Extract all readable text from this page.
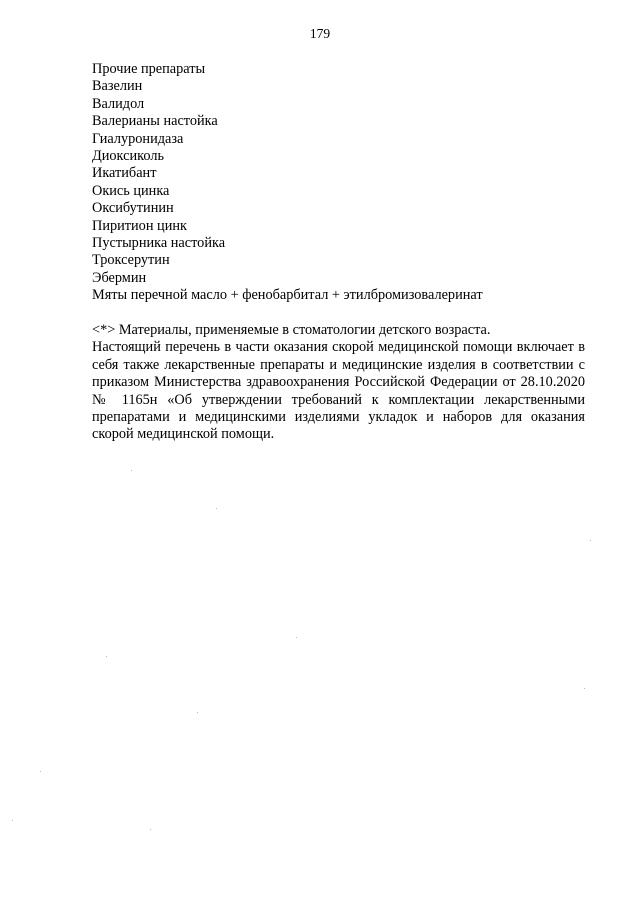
179
Прочие препараты
Вазелин
Валидол
Валерианы настойка
Гиалуронидаза
Диоксиколь
Икатибант
Окись цинка
Оксибутинин
Пиритион цинк
Пустырника настойка
Троксерутин
Эбермин
Мяты перечной масло + фенобарбитал + этилбромизовалеринат

<*> Материалы, применяемые в стоматологии детского возраста.

Настоящий перечень в части оказания скорой медицинской помощи включает в себя также лекарственные препараты и медицинские изделия в соответствии с приказом Министерства здравоохранения Российской Федерации от 28.10.2020 № 1165н «Об утверждении требований к комплектации лекарственными препаратами и медицинскими изделиями укладок и наборов для оказания скорой медицинской помощи.
